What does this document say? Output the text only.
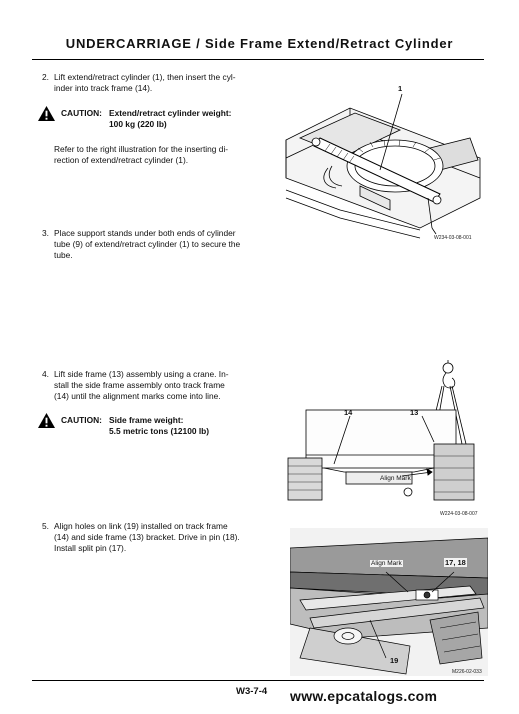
UNDERCARRIAGE / Side Frame Extend/Retract Cylinder
2. Lift extend/retract cylinder (1), then insert the cyl-
inder into track frame (14).
CAUTION: Extend/retract cylinder weight:
100 kg (220 lb)
Refer to the right illustration for the inserting di-
rection of extend/retract cylinder (1).
3. Place support stands under both ends of cylinder
tube (9) of extend/retract cylinder (1) to secure the
tube.
4. Lift side frame (13) assembly using a crane. In-
stall the side frame assembly onto track frame
(14) until the alignment marks come into line.
CAUTION: Side frame weight:
5.5 metric tons (12100 lb)
5. Align holes on link (19) installed on track frame
(14) and side frame (13) bracket. Drive in pin (18).
Install split pin (17).
1
W234-03-08-001
14	13
Align Mark
W224-03-08-007
Align Mark	17, 18
19
M226-02-033
W3-7-4 www.epcatalogs.com
